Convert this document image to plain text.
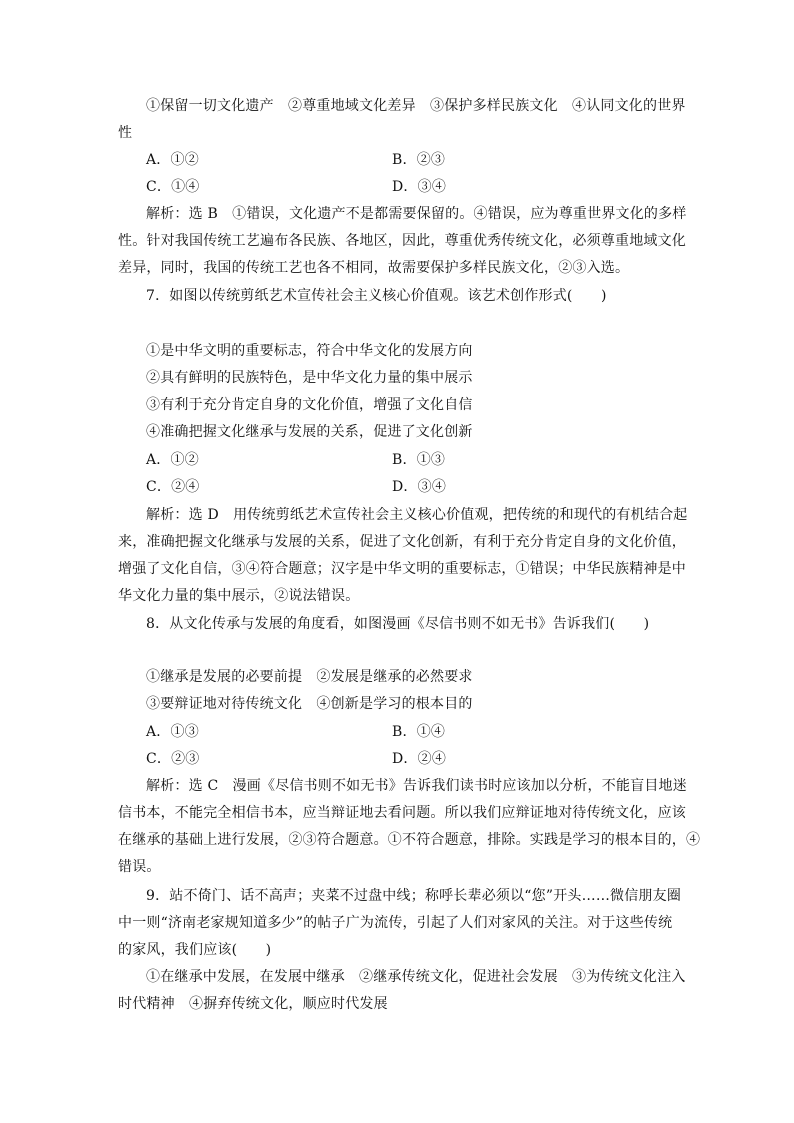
①保留一切文化遗产　②尊重地域文化差异　③保护多样民族文化　④认同文化的世界
性
A．①②	B．②③
C．①④	D．③④
解析：选 B　①错误，文化遗产不是都需要保留的。④错误，应为尊重世界文化的多样
性。针对我国传统工艺遍布各民族、各地区，因此，尊重优秀传统文化，必须尊重地域文化
差异，同时，我国的传统工艺也各不相同，故需要保护多样民族文化，②③入选。
7．如图以传统剪纸艺术宣传社会主义核心价值观。该艺术创作形式(　　)
①是中华文明的重要标志，符合中华文化的发展方向
②具有鲜明的民族特色，是中华文化力量的集中展示
③有利于充分肯定自身的文化价值，增强了文化自信
④准确把握文化继承与发展的关系，促进了文化创新
A．①②	B．①③
C．②④	D．③④
解析：选 D　用传统剪纸艺术宣传社会主义核心价值观，把传统的和现代的有机结合起
来，准确把握文化继承与发展的关系，促进了文化创新，有利于充分肯定自身的文化价值，
增强了文化自信，③④符合题意；汉字是中华文明的重要标志，①错误；中华民族精神是中
华文化力量的集中展示，②说法错误。
8．从文化传承与发展的角度看，如图漫画《尽信书则不如无书》告诉我们(　　)
①继承是发展的必要前提　②发展是继承的必然要求
③要辩证地对待传统文化　④创新是学习的根本目的
A．①③	B．①④
C．②③	D．②④
解析：选 C　漫画《尽信书则不如无书》告诉我们读书时应该加以分析，不能盲目地迷
信书本，不能完全相信书本，应当辩证地去看问题。所以我们应辩证地对待传统文化，应该
在继承的基础上进行发展，②③符合题意。①不符合题意，排除。实践是学习的根本目的，④
错误。
9．站不倚门、话不高声；夹菜不过盘中线；称呼长辈必须以“您”开头……微信朋友圈
中一则“济南老家规知道多少”的帖子广为流传，引起了人们对家风的关注。对于这些传统
的家风，我们应该(　　)
①在继承中发展，在发展中继承　②继承传统文化，促进社会发展　③为传统文化注入
时代精神　④摒弃传统文化，顺应时代发展
